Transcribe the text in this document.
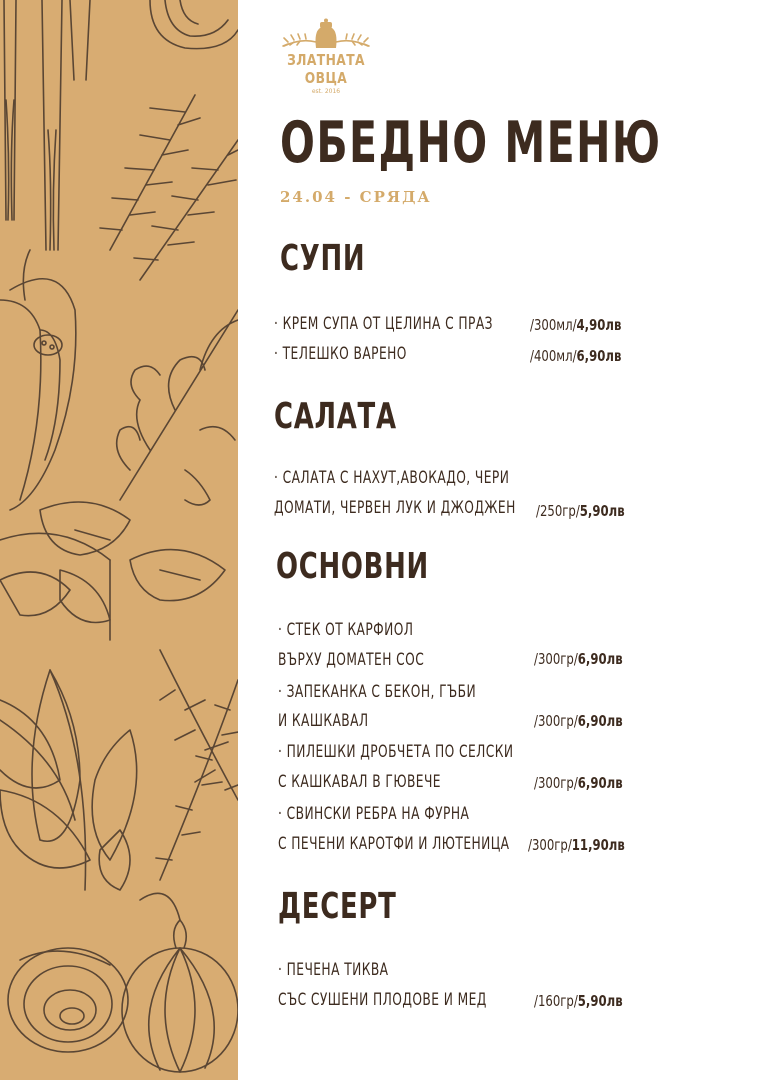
ЗЛАТНАТА
ОВЦА
est. 2016
ОБЕДНО МЕНЮ
24.04 - СРЯДА
СУПИ
· КРЕМ СУПА ОТ ЦЕЛИНА С ПРАЗ /300мл/4,90лв
· ТЕЛЕШКО ВАРЕНО	/400мл/6,90лв
САЛАТА
· САЛАТА С НАХУТ,АВОКАДО, ЧЕРИ
ДОМАТИ, ЧЕРВЕН ЛУК И ДЖОДЖЕН /250гр/5,90лв
ОСНОВНИ
· СТЕК ОТ КАРФИОЛ
ВЪРХУ ДОМАТЕН СОС	/300гр/6,90лв
· ЗАПЕКАНКА С БЕКОН, ГЪБИ
И КАШКАВАЛ	/300гр/6,90лв
· ПИЛЕШКИ ДРОБЧЕТА ПО СЕЛСКИ
С КАШКАВАЛ В ГЮВЕЧЕ	/300гр/6,90лв
· СВИНСКИ РЕБРА НА ФУРНА
С ПЕЧЕНИ КАРОТФИ И ЛЮТЕНИЦА /300гр/11,90лв
ДЕСЕРТ
· ПЕЧЕНА ТИКВА
СЪС СУШЕНИ ПЛОДОВЕ И МЕД	/160гр/5,90лв
